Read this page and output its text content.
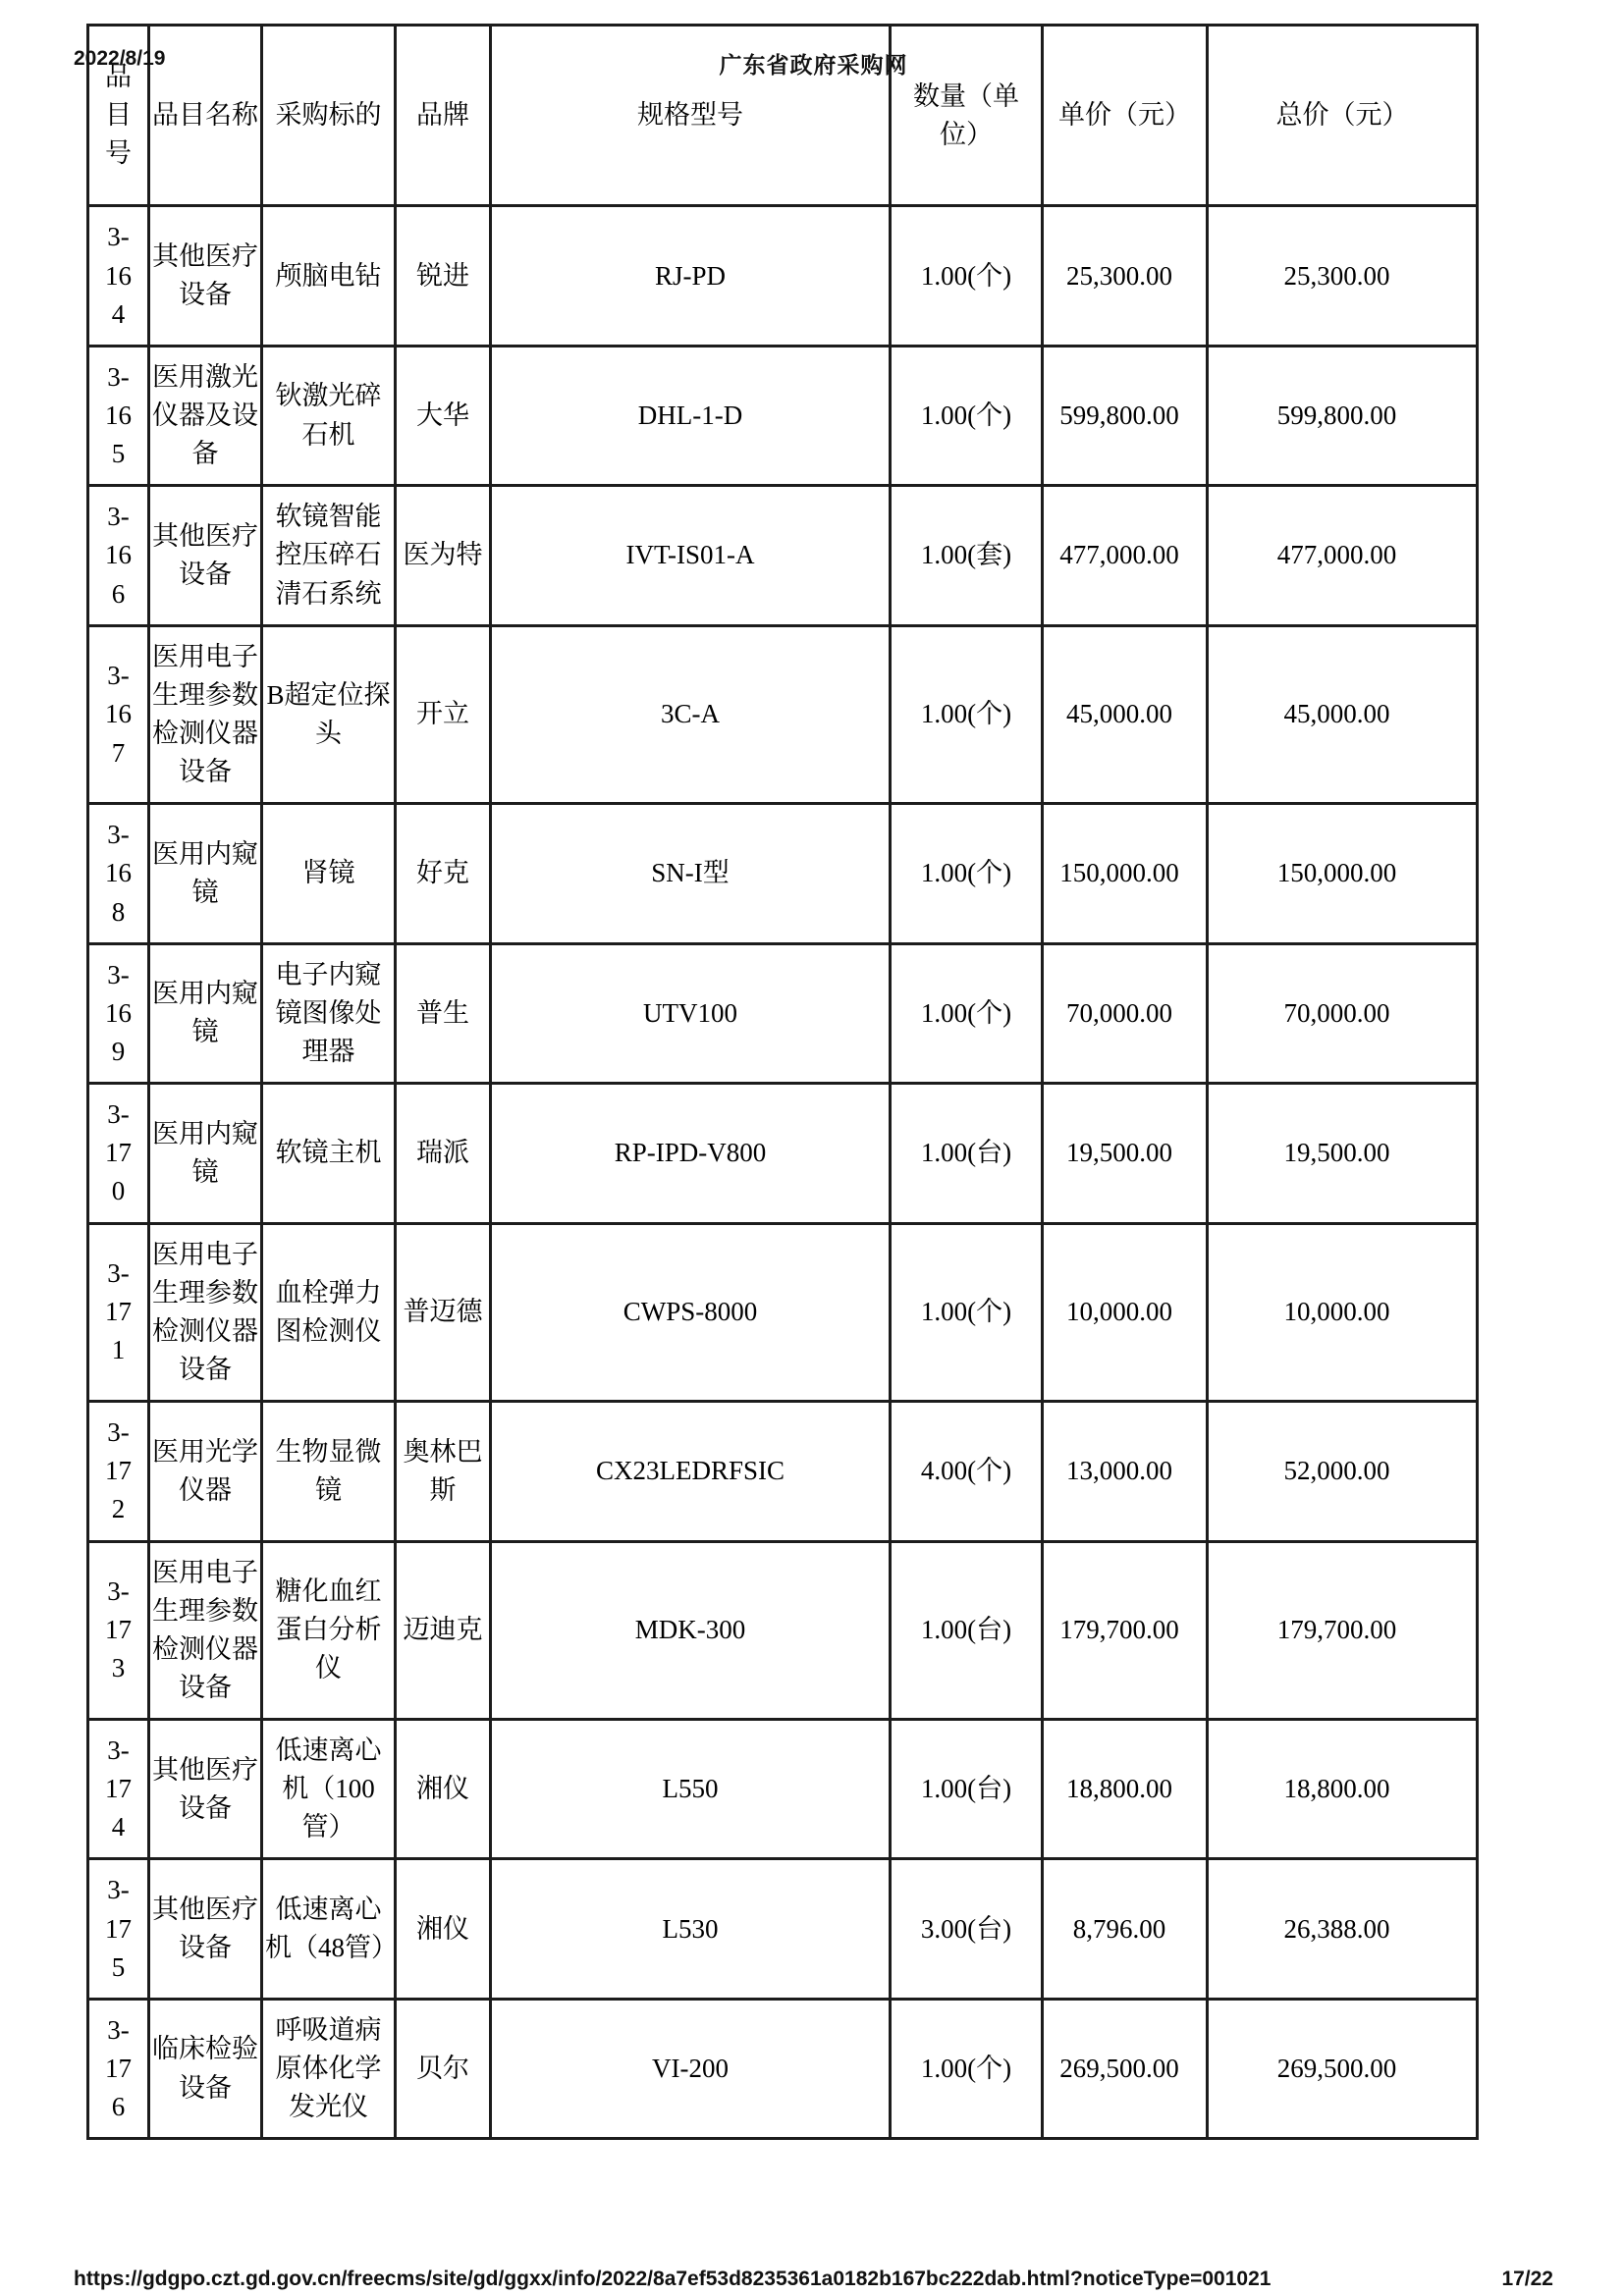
2022/8/19	广东省政府采购网
品目号	品目名称	采购标的	品牌	规格型号	数量（单位）	单价（元）	总价（元）
3-164	其他医疗设备	颅脑电钻	锐进	RJ-PD	1.00(个)	25,300.00	25,300.00
3-165	医用激光仪器及设备	钬激光碎石机	大华	DHL-1-D	1.00(个)	599,800.00	599,800.00
3-166	其他医疗设备	软镜智能控压碎石清石系统	医为特	IVT-IS01-A	1.00(套)	477,000.00	477,000.00
3-167	医用电子生理参数检测仪器设备	B超定位探头	开立	3C-A	1.00(个)	45,000.00	45,000.00
3-168	医用内窥镜	肾镜	好克	SN-I型	1.00(个)	150,000.00	150,000.00
3-169	医用内窥镜	电子内窥镜图像处理器	普生	UTV100	1.00(个)	70,000.00	70,000.00
3-170	医用内窥镜	软镜主机	瑞派	RP-IPD-V800	1.00(台)	19,500.00	19,500.00
3-171	医用电子生理参数检测仪器设备	血栓弹力图检测仪	普迈德	CWPS-8000	1.00(个)	10,000.00	10,000.00
3-172	医用光学仪器	生物显微镜	奥林巴斯	CX23LEDRFSIC	4.00(个)	13,000.00	52,000.00
3-173	医用电子生理参数检测仪器设备	糖化血红蛋白分析仪	迈迪克	MDK-300	1.00(台)	179,700.00	179,700.00
3-174	其他医疗设备	低速离心机（100管）	湘仪	L550	1.00(台)	18,800.00	18,800.00
3-175	其他医疗设备	低速离心机（48管）	湘仪	L530	3.00(台)	8,796.00	26,388.00
3-176	临床检验设备	呼吸道病原体化学发光仪	贝尔	VI-200	1.00(个)	269,500.00	269,500.00
https://gdgpo.czt.gd.gov.cn/freecms/site/gd/ggxx/info/2022/8a7ef53d8235361a0182b167bc222dab.html?noticeType=001021	17/22
